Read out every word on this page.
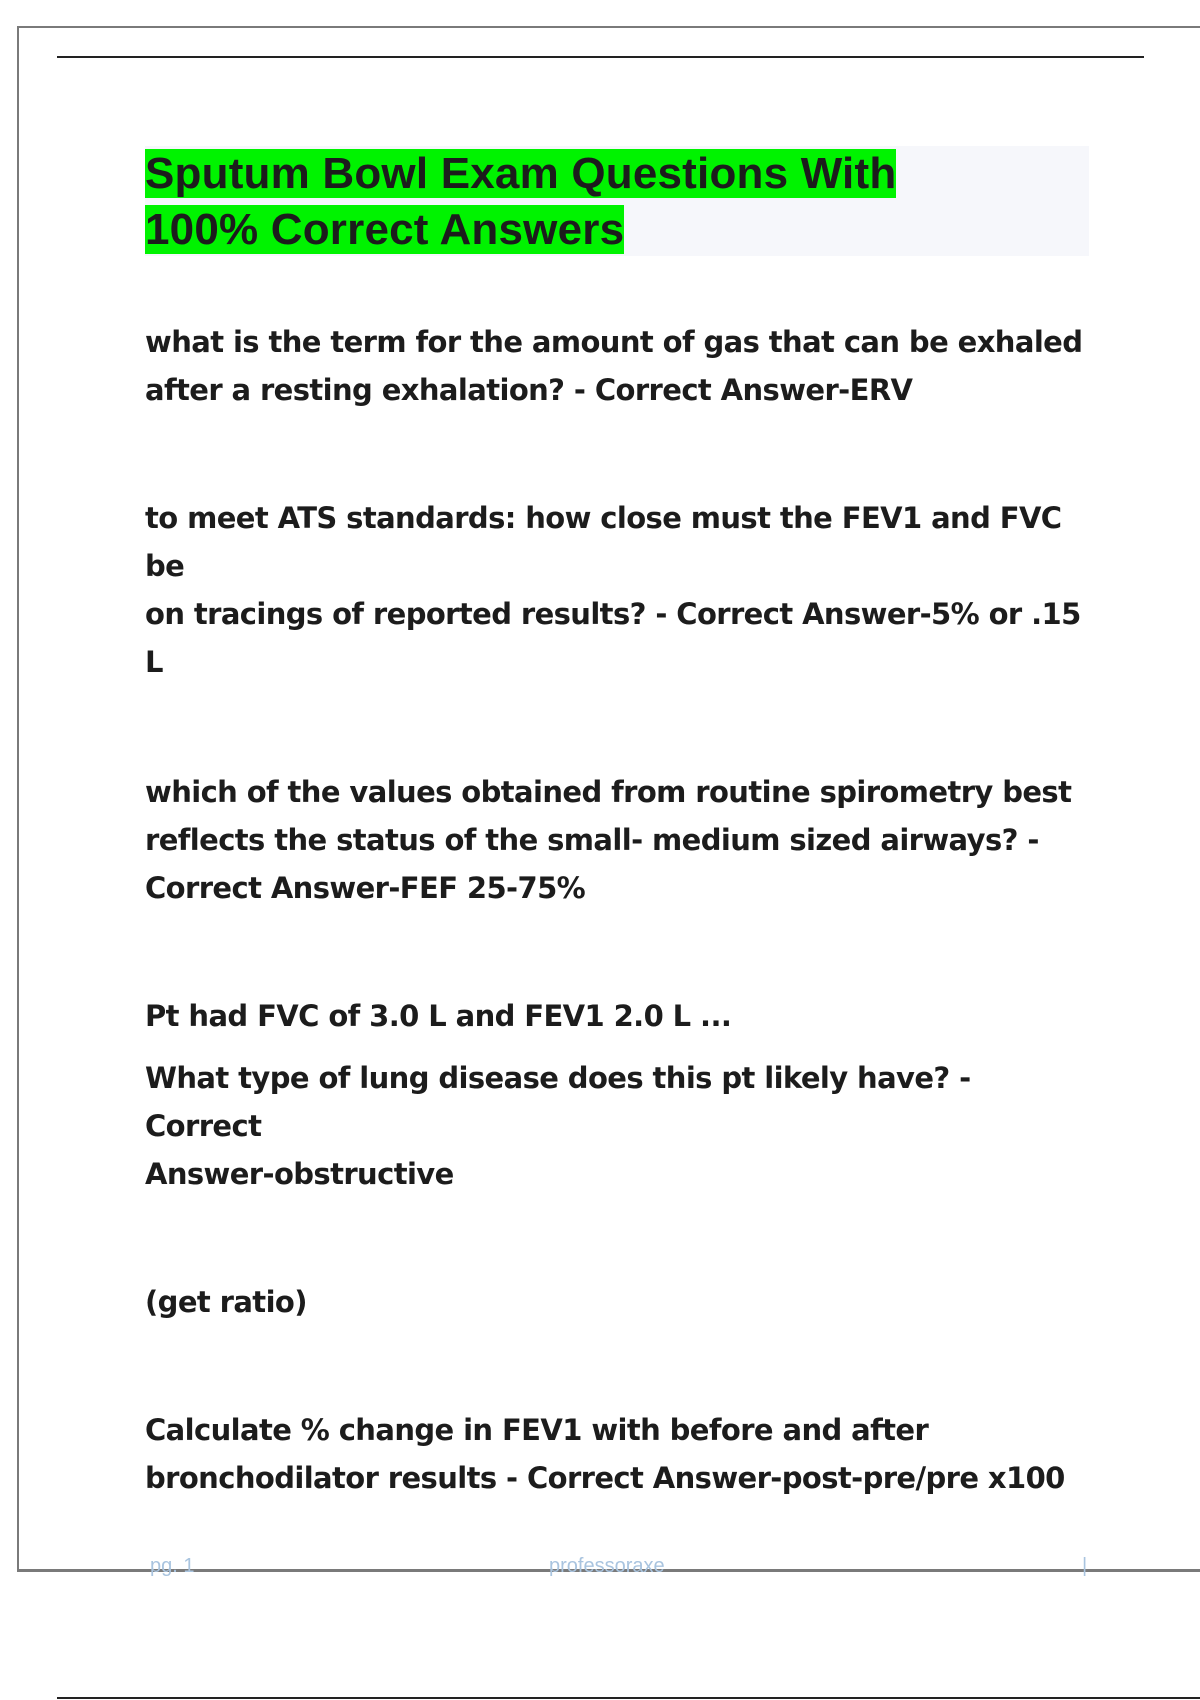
Sputum Bowl Exam Questions With
100% Correct Answers

what is the term for the amount of gas that can be exhaled
after a resting exhalation? - Correct Answer-ERV

to meet ATS standards: how close must the FEV1 and FVC be
on tracings of reported results? - Correct Answer-5% or .15 L

which of the values obtained from routine spirometry best
reflects the status of the small- medium sized airways? -
Correct Answer-FEF 25-75%

Pt had FVC of 3.0 L and FEV1 2.0 L ...
What type of lung disease does this pt likely have? - Correct
Answer-obstructive

(get ratio)

Calculate % change in FEV1 with before and after
bronchodilator results - Correct Answer-post-pre/pre x100

pg. 1	professoraxe	|
